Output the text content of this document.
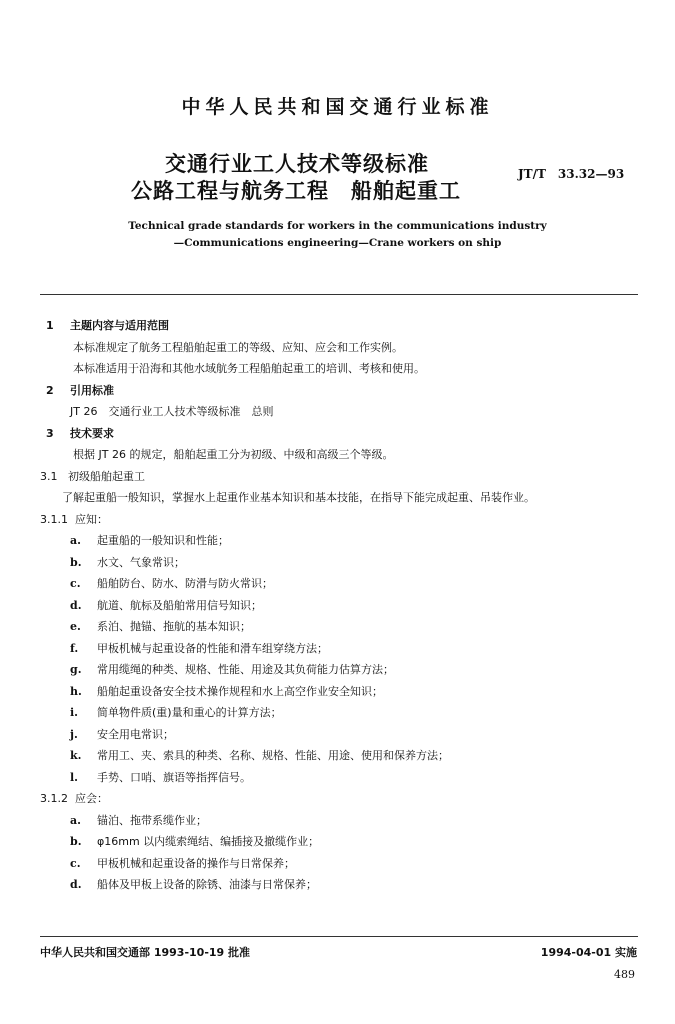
中华人民共和国交通行业标准
交通行业工人技术等级标准
公路工程与航务工程　船舶起重工
JT/T　33.32—93
Technical grade standards for workers in the communications industry
—Communications engineering—Crane workers on ship
1 主题内容与适用范围
本标准规定了航务工程船舶起重工的等级、应知、应会和工作实例。
本标准适用于沿海和其他水域航务工程船舶起重工的培训、考核和使用。
2 引用标准
JT 26　交通行业工人技术等级标准　总则
3 技术要求
根据 JT 26 的规定，船舶起重工分为初级、中级和高级三个等级。
3.1 初级船舶起重工
了解起重船一般知识，掌握水上起重作业基本知识和基本技能，在指导下能完成起重、吊装作业。
3.1.1 应知：
a. 起重船的一般知识和性能；
b. 水文、气象常识；
c. 船舶防台、防水、防滑与防火常识；
d. 航道、航标及船舶常用信号知识；
e. 系泊、抛锚、拖航的基本知识；
f. 甲板机械与起重设备的性能和滑车组穿绕方法；
g. 常用缆绳的种类、规格、性能、用途及其负荷能力估算方法；
h. 船舶起重设备安全技术操作规程和水上高空作业安全知识；
i. 简单物件质(重)量和重心的计算方法；
j. 安全用电常识；
k. 常用工、夹、索具的种类、名称、规格、性能、用途、使用和保养方法；
l. 手势、口哨、旗语等指挥信号。
3.1.2 应会：
a. 锚泊、拖带系缆作业；
b. φ16mm 以内缆索绳结、编插接及撤缆作业；
c. 甲板机械和起重设备的操作与日常保养；
d. 船体及甲板上设备的除锈、油漆与日常保养；
中华人民共和国交通部 1993-10-19 批准	1994-04-01 实施
489
